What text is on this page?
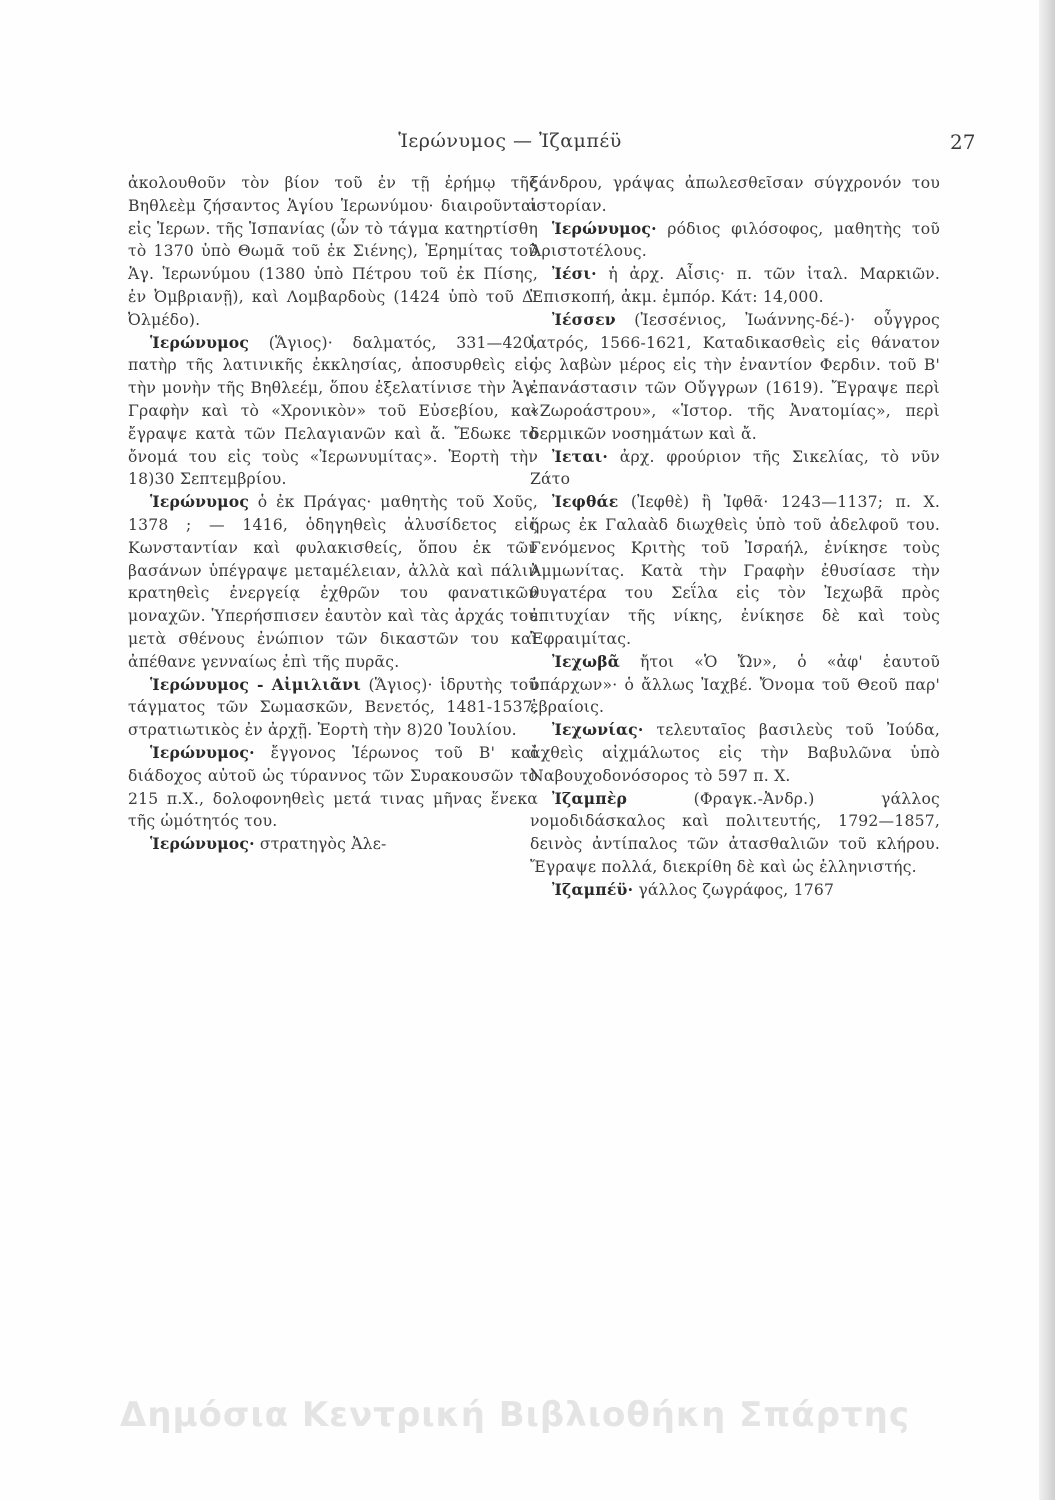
Ἱερώνυμος — Ἰζαμπέϋ	27

ἀκολουθοῦν τὸν βίον τοῦ ἐν τῇ ἐρήμῳ τῆς Βηθλεὲμ ζήσαντος Ἁγίου Ἱερωνύμου· διαιροῦνται εἰς Ἱερων. τῆς Ἱσπανίας (ὧν τὸ τάγμα κατηρτίσθη τὸ 1370 ὑπὸ Θωμᾶ τοῦ ἐκ Σιένης), Ἐρημίτας τοῦ Ἁγ. Ἱερωνύμου (1380 ὑπὸ Πέτρου τοῦ ἐκ Πίσης, ἐν Ὀμβριανῇ), καὶ Λομβαρδοὺς (1424 ὑπὸ τοῦ Δ' Ὀλμέδο).

Ἱερώνυμος (Ἅγιος)· δαλματός, 331—420, πατὴρ τῆς λατινικῆς ἐκκλησίας, ἀποσυρθεὶς εἰς τὴν μονὴν τῆς Βηθλεέμ, ὅπου ἐξελατίνισε τὴν Ἁγ. Γραφὴν καὶ τὸ «Χρονικὸν» τοῦ Εὐσεβίου, καὶ ἔγραψε κατὰ τῶν Πελαγιανῶν καὶ ἄ. Ἔδωκε τὸ ὄνομά του εἰς τοὺς «Ἱερωνυμίτας». Ἑορτὴ τὴν 18)30 Σεπτεμβρίου.

Ἱερώνυμος ὁ ἐκ Πράγας· μαθητὴς τοῦ Χοῦς, 1378 ; — 1416, ὁδηγηθεὶς ἀλυσίδετος εἰς Κωνσταντίαν καὶ φυλακισθείς, ὅπου ἐκ τῶν βασάνων ὑπέγραψε μεταμέλειαν, ἀλλὰ καὶ πάλιν κρατηθεὶς ἐνεργείᾳ ἐχθρῶν του φανατικῶν μοναχῶν. Ὑπερήσπισεν ἑαυτὸν καὶ τὰς ἀρχάς του μετὰ σθένους ἐνώπιον τῶν δικαστῶν του καὶ ἀπέθανε γενναίως ἐπὶ τῆς πυρᾶς.

Ἱερώνυμος - Αἰμιλιᾶνι (Ἅγιος)· ἱδρυτὴς τοῦ τάγματος τῶν Σωμασκῶν, Βενετός, 1481-1537, στρατιωτικὸς ἐν ἀρχῇ. Ἑορτὴ τὴν 8)20 Ἰουλίου.

Ἱερώνυμος· ἔγγονος Ἱέρωνος τοῦ Β' καὶ διάδοχος αὐτοῦ ὡς τύραννος τῶν Συρακουσῶν τὸ 215 π.Χ., δολοφονηθεὶς μετά τινας μῆνας ἕνεκα τῆς ὠμότητός του.

Ἱερώνυμος· στρατηγὸς Ἀλε-

ξάνδρου, γράψας ἀπωλεσθεῖσαν σύγχρονόν του ἱστορίαν.

Ἱερώνυμος· ρόδιος φιλόσοφος, μαθητὴς τοῦ Ἀριστοτέλους.

Ἰέσι· ἡ ἀρχ. Αἶσις· π. τῶν ἰταλ. Μαρκιῶν. Ἐπισκοπή, ἀκμ. ἐμπόρ. Κάτ: 14,000.

Ἰέσσεν (Ἰεσσένιος, Ἰωάννης-δέ-)· οὖγγρος ἰατρός, 1566-1621, Καταδικασθεὶς εἰς θάνατον ὡς λαβὼν μέρος εἰς τὴν ἐναντίον Φερδιν. τοῦ Β' ἐπανάστασιν τῶν Οὔγγρων (1619). Ἔγραψε περὶ «Ζωροάστρου», «Ἱστορ. τῆς Ἀνατομίας», περὶ δερμικῶν νοσημάτων καὶ ἄ.

Ἰεται· ἀρχ. φρούριον τῆς Σικελίας, τὸ νῦν Ζάτο

Ἰεφθάε (Ἰεφθὲ) ἢ Ἰφθᾶ· 1243—1137; π. Χ. ἥρως ἐκ Γαλαὰδ διωχθεὶς ὑπὸ τοῦ ἀδελφοῦ του. Γενόμενος Κριτὴς τοῦ Ἰσραήλ, ἐνίκησε τοὺς Ἀμμωνίτας. Κατὰ τὴν Γραφὴν ἐθυσίασε τὴν θυγατέρα του Σεΐλα εἰς τὸν Ἰεχωβᾶ πρὸς ἐπιτυχίαν τῆς νίκης, ἐνίκησε δὲ καὶ τοὺς Ἐφραιμίτας.

Ἰεχωβᾶ ἤτοι «Ὁ Ὤν», ὁ «ἀφ' ἑαυτοῦ ὑπάρχων»· ὁ ἄλλως Ἰαχβέ. Ὄνομα τοῦ Θεοῦ παρ' ἑβραίοις.

Ἰεχωνίας· τελευταῖος βασιλεὺς τοῦ Ἰούδα, ἀχθεὶς αἰχμάλωτος εἰς τὴν Βαβυλῶνα ὑπὸ Ναβουχοδονόσορος τὸ 597 π. Χ.

Ἰζαμπὲρ (Φραγκ.-Ἀνδρ.) γάλλος νομοδιδάσκαλος καὶ πολιτευτής, 1792—1857, δεινὸς ἀντίπαλος τῶν ἀτασθαλιῶν τοῦ κλήρου. Ἔγραψε πολλά, διεκρίθη δὲ καὶ ὡς ἑλληνιστής.

Ἰζαμπέϋ· γάλλος ζωγράφος, 1767

Δημόσια Κεντρική Βιβλιοθήκη Σπάρτης
